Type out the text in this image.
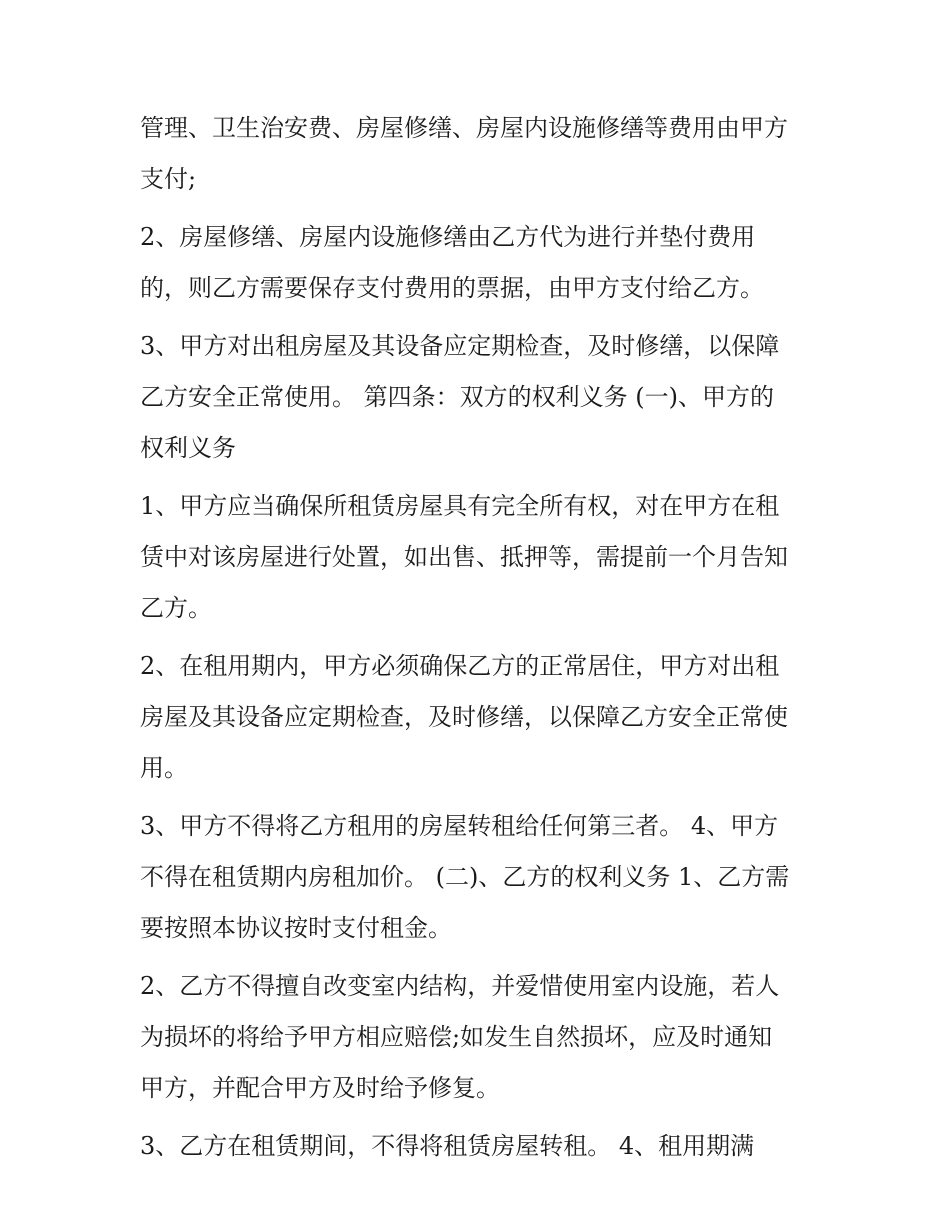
管理、卫生治安费、房屋修缮、房屋内设施修缮等费用由甲方
支付;
2、房屋修缮、房屋内设施修缮由乙方代为进行并垫付费用
的，则乙方需要保存支付费用的票据，由甲方支付给乙方。
3、甲方对出租房屋及其设备应定期检查，及时修缮，以保障
乙方安全正常使用。 第四条：双方的权利义务 (一)、甲方的
权利义务
1、甲方应当确保所租赁房屋具有完全所有权，对在甲方在租
赁中对该房屋进行处置，如出售、抵押等，需提前一个月告知
乙方。
2、在租用期内，甲方必须确保乙方的正常居住，甲方对出租
房屋及其设备应定期检查，及时修缮，以保障乙方安全正常使
用。
3、甲方不得将乙方租用的房屋转租给任何第三者。 4、甲方
不得在租赁期内房租加价。 (二)、乙方的权利义务 1、乙方需
要按照本协议按时支付租金。
2、乙方不得擅自改变室内结构，并爱惜使用室内设施，若人
为损坏的将给予甲方相应赔偿;如发生自然损坏，应及时通知
甲方，并配合甲方及时给予修复。
3、乙方在租赁期间，不得将租赁房屋转租。 4、租用期满
